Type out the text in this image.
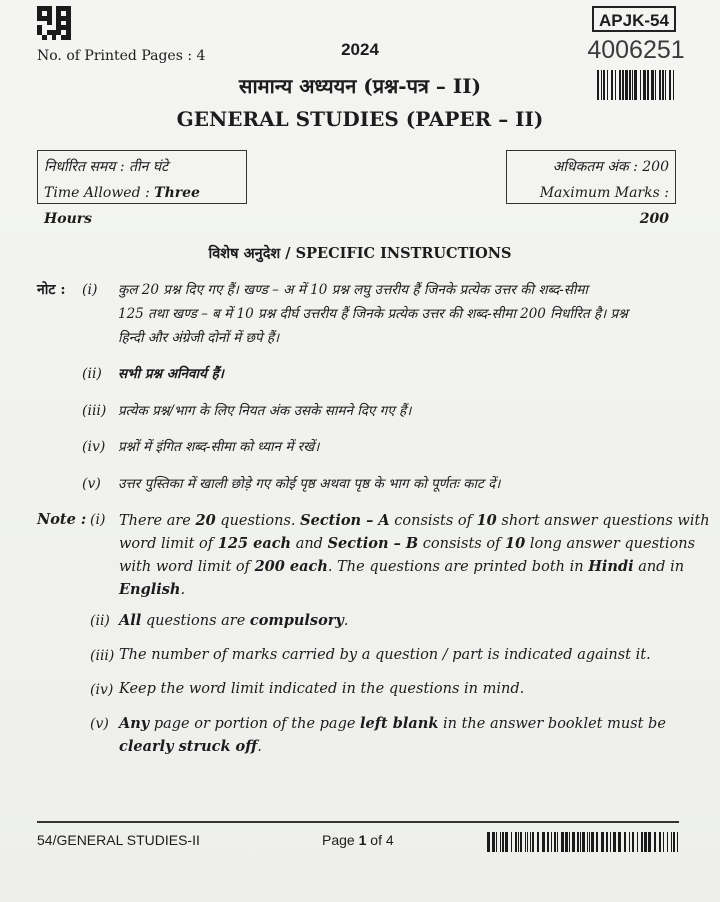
No. of Printed Pages : 4	2024
APJK-54
4006251
सामान्य अध्ययन (प्रश्न-पत्र – II)
GENERAL STUDIES (PAPER – II)
निर्धारित समय : तीन घंटे
Time Allowed : Three Hours
अधिकतम अंक : 200
Maximum Marks : 200
विशेष अनुदेश / SPECIFIC INSTRUCTIONS
नोट : (i) कुल 20 प्रश्न दिए गए हैं। खण्ड – अ में 10 प्रश्न लघु उत्तरीय हैं जिनके प्रत्येक उत्तर की शब्द-सीमा
125 तथा खण्ड – ब में 10 प्रश्न दीर्घ उत्तरीय हैं जिनके प्रत्येक उत्तर की शब्द-सीमा 200 निर्धारित है। प्रश्न
हिन्दी और अंग्रेजी दोनों में छपे हैं।
(ii) सभी प्रश्न अनिवार्य हैं।
(iii) प्रत्येक प्रश्न/भाग के लिए नियत अंक उसके सामने दिए गए हैं।
(iv) प्रश्नों में इंगित शब्द-सीमा को ध्यान में रखें।
(v) उत्तर पुस्तिका में खाली छोड़े गए कोई पृष्ठ अथवा पृष्ठ के भाग को पूर्णतः काट दें।
Note : (i) There are 20 questions. Section – A consists of 10 short answer questions with
word limit of 125 each and Section – B consists of 10 long answer questions
with word limit of 200 each. The questions are printed both in Hindi and in
English.
(ii) All questions are compulsory.
(iii) The number of marks carried by a question / part is indicated against it.
(iv) Keep the word limit indicated in the questions in mind.
(v) Any page or portion of the page left blank in the answer booklet must be
clearly struck off.
54/GENERAL STUDIES-II	Page 1 of 4
